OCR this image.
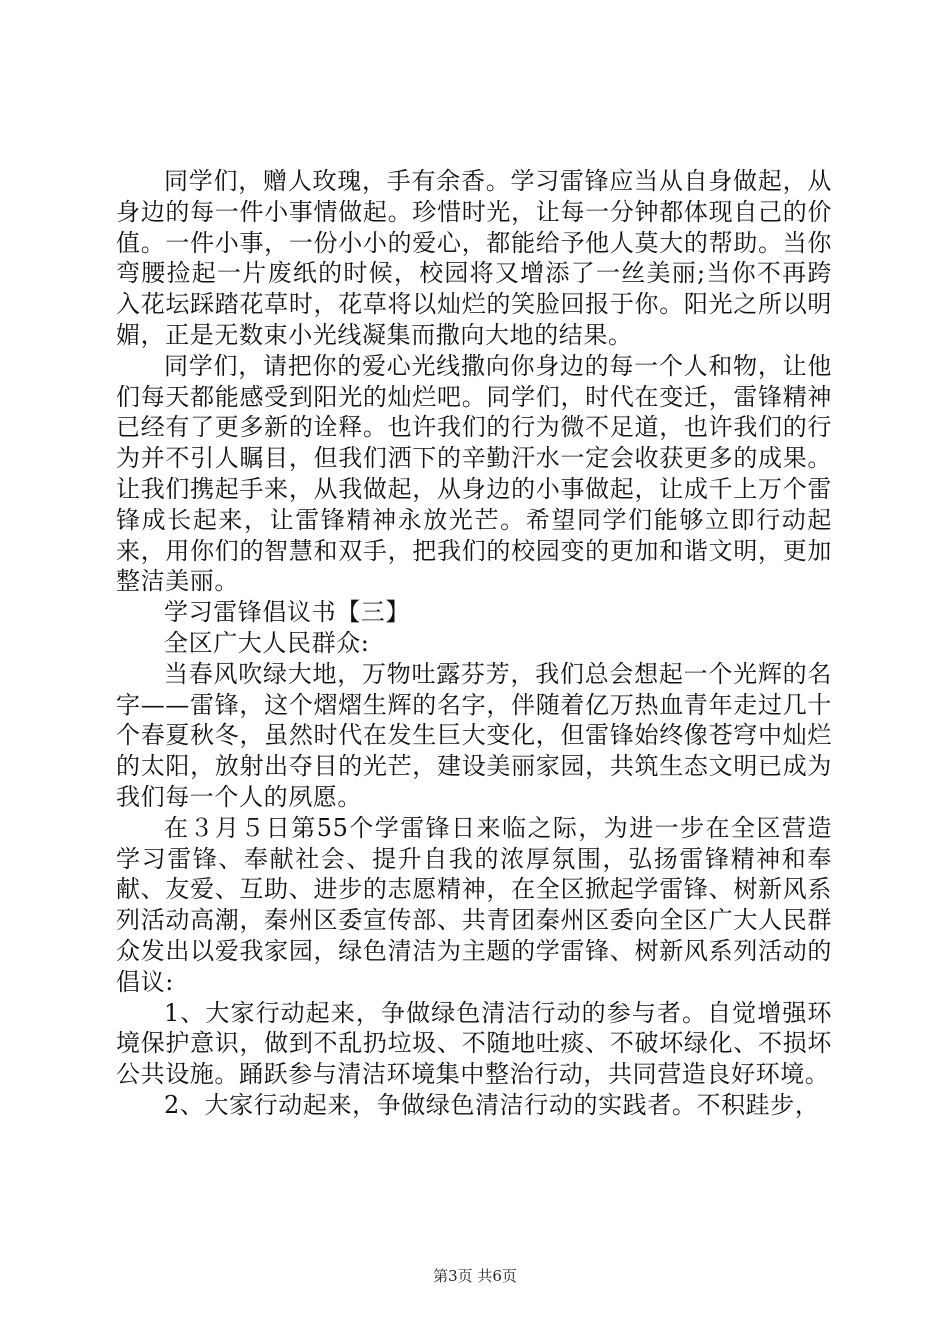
同学们，赠人玫瑰，手有余香。学习雷锋应当从自身做起，从身边的每一件小事情做起。珍惜时光，让每一分钟都体现自己的价值。一件小事，一份小小的爱心，都能给予他人莫大的帮助。当你弯腰捡起一片废纸的时候，校园将又增添了一丝美丽;当你不再跨入花坛踩踏花草时，花草将以灿烂的笑脸回报于你。阳光之所以明媚，正是无数束小光线凝集而撒向大地的结果。

同学们，请把你的爱心光线撒向你身边的每一个人和物，让他们每天都能感受到阳光的灿烂吧。同学们，时代在变迁，雷锋精神已经有了更多新的诠释。也许我们的行为微不足道，也许我们的行为并不引人瞩目，但我们洒下的辛勤汗水一定会收获更多的成果。让我们携起手来，从我做起，从身边的小事做起，让成千上万个雷锋成长起来，让雷锋精神永放光芒。希望同学们能够立即行动起来，用你们的智慧和双手，把我们的校园变的更加和谐文明，更加整洁美丽。

学习雷锋倡议书【三】

全区广大人民群众:

当春风吹绿大地，万物吐露芬芳，我们总会想起一个光辉的名字——雷锋，这个熠熠生辉的名字，伴随着亿万热血青年走过几十个春夏秋冬，虽然时代在发生巨大变化，但雷锋始终像苍穹中灿烂的太阳，放射出夺目的光芒，建设美丽家园，共筑生态文明已成为我们每一个人的夙愿。

在３月５日第55个学雷锋日来临之际，为进一步在全区营造学习雷锋、奉献社会、提升自我的浓厚氛围，弘扬雷锋精神和奉献、友爱、互助、进步的志愿精神，在全区掀起学雷锋、树新风系列活动高潮，秦州区委宣传部、共青团秦州区委向全区广大人民群众发出以爱我家园，绿色清洁为主题的学雷锋、树新风系列活动的倡议:

1、大家行动起来，争做绿色清洁行动的参与者。自觉增强环境保护意识，做到不乱扔垃圾、不随地吐痰、不破坏绿化、不损坏公共设施。踊跃参与清洁环境集中整治行动，共同营造良好环境。

2、大家行动起来，争做绿色清洁行动的实践者。不积跬步，

第3页 共6页
